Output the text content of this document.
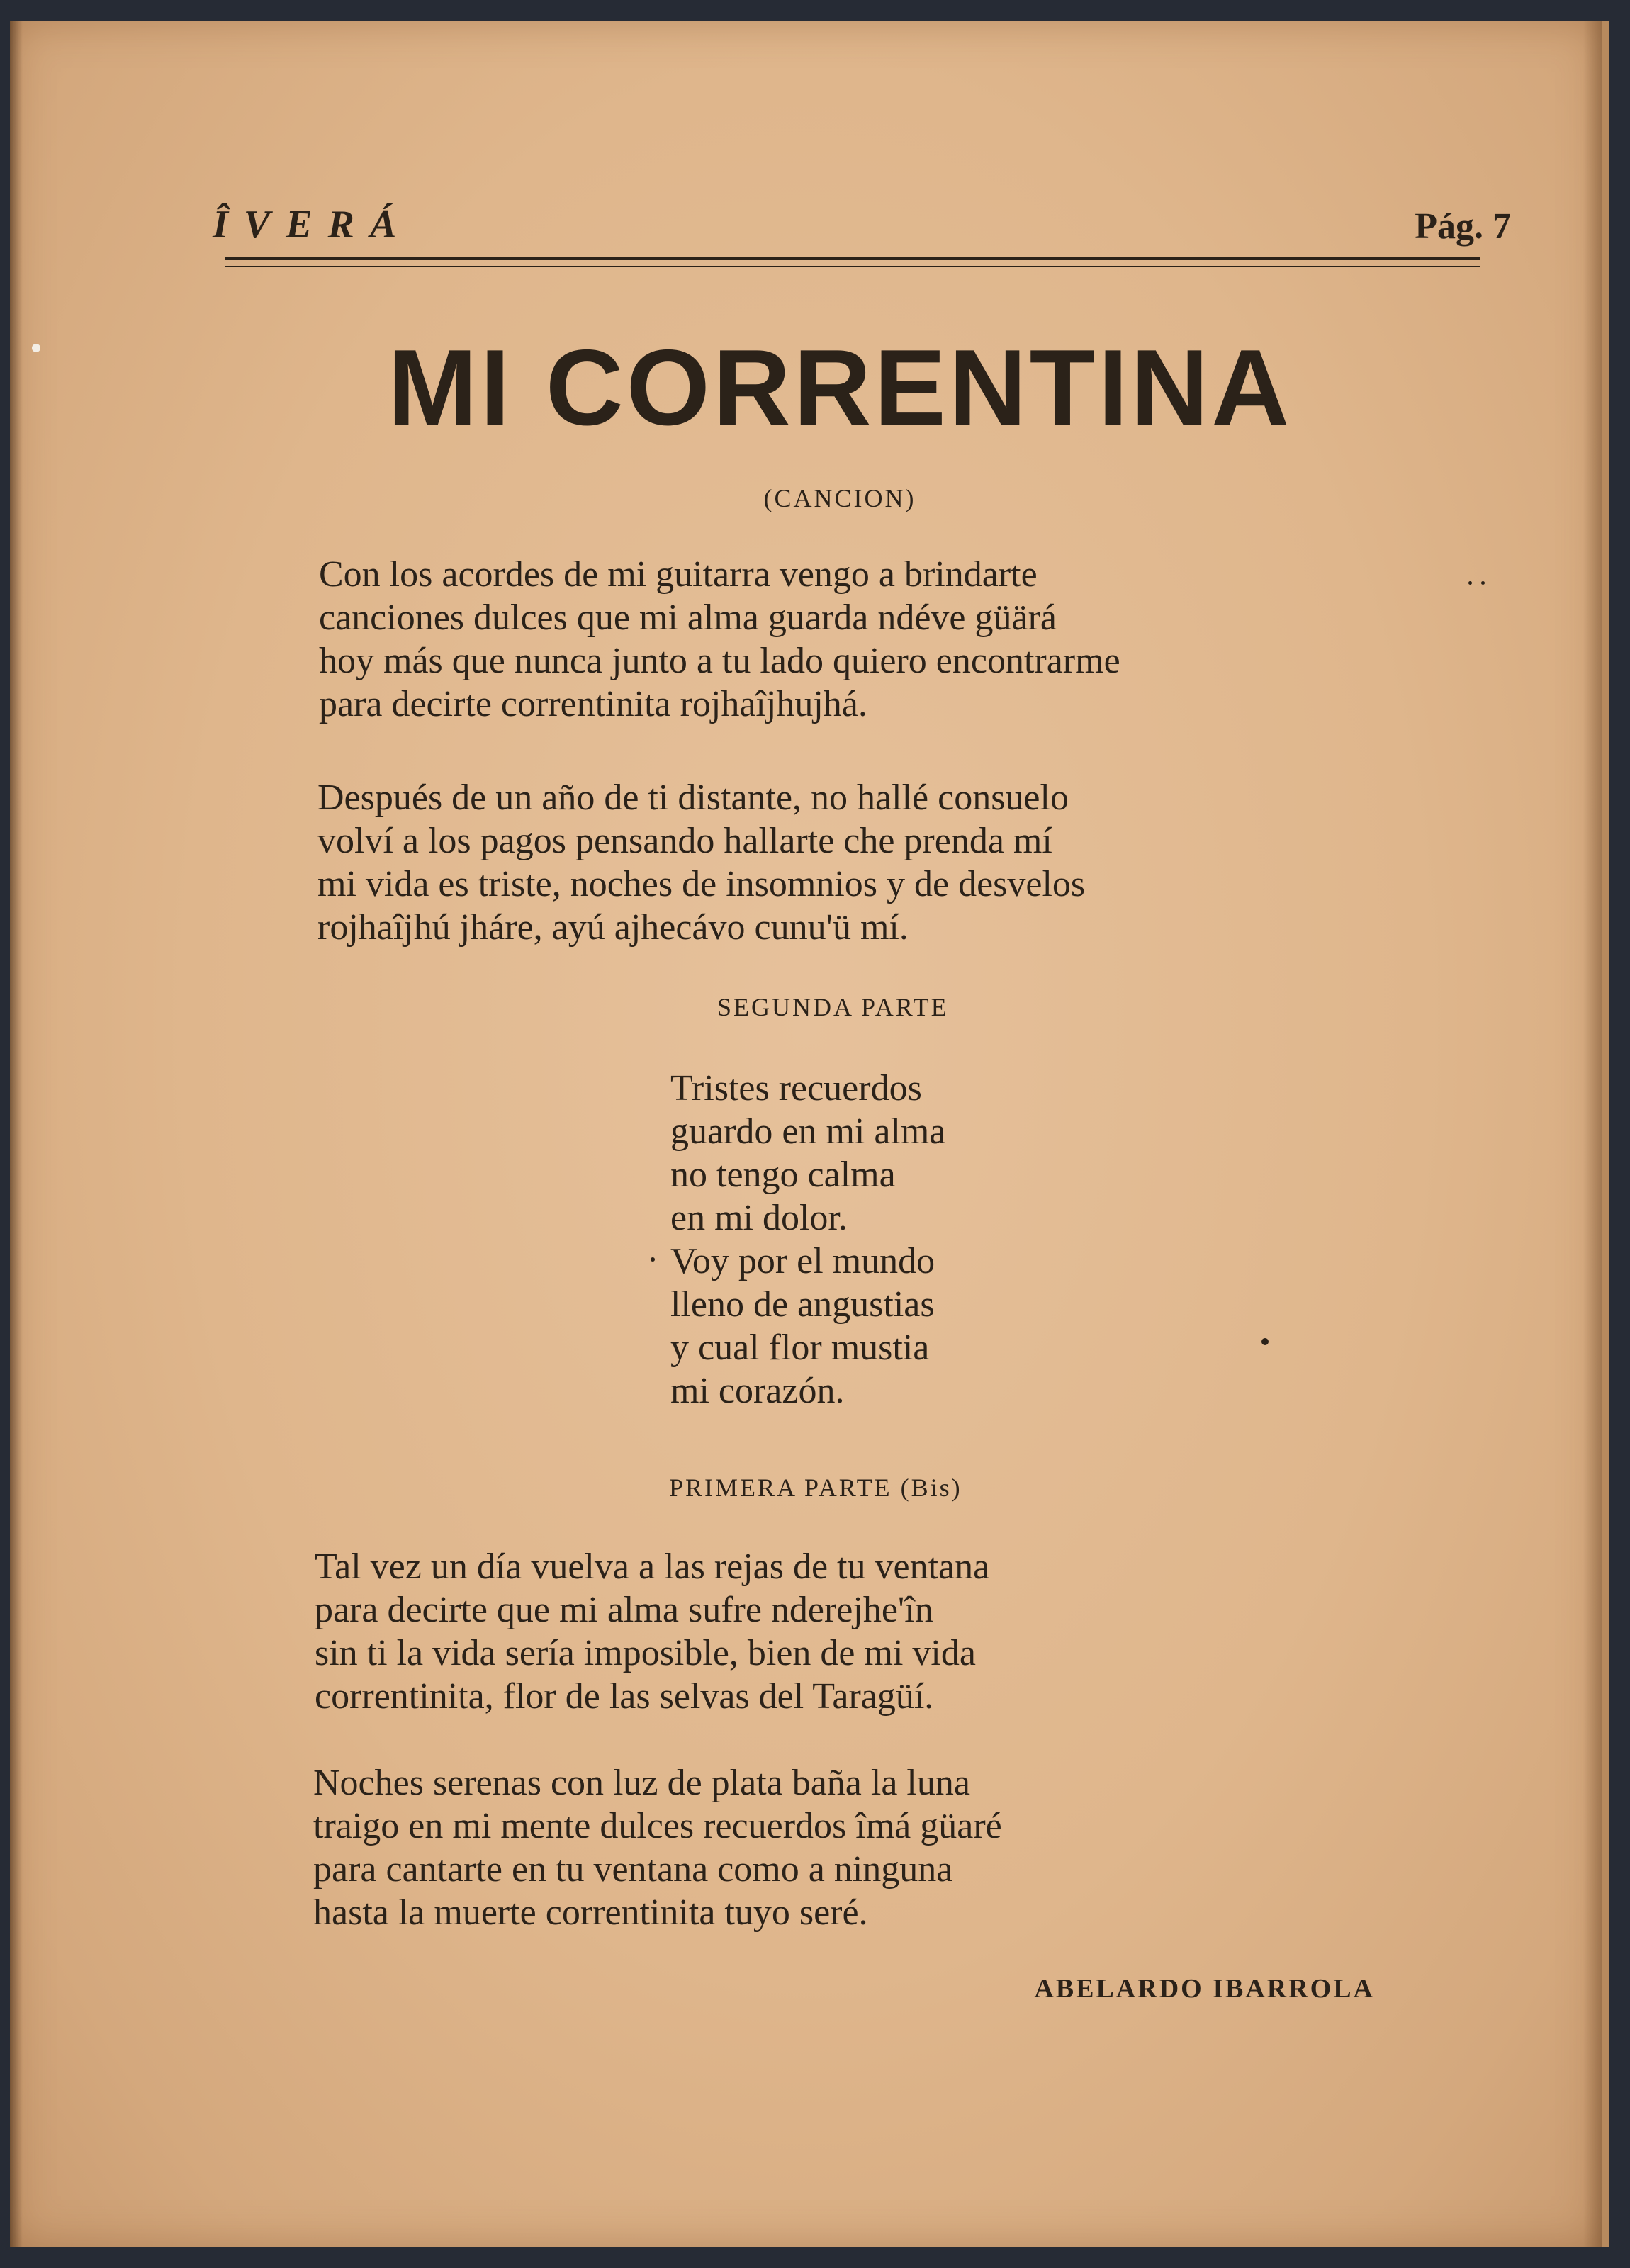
ÎVERÁ	Pág. 7
MI CORRENTINA
(CANCION)
Con los acordes de mi guitarra vengo a brindarte
canciones dulces que mi alma guarda ndéve güärá
hoy más que nunca junto a tu lado quiero encontrarme
para decirte correntinita rojhaîjhujhá.
Después de un año de ti distante, no hallé consuelo
volví a los pagos pensando hallarte che prenda mí
mi vida es triste, noches de insomnios y de desvelos
rojhaîjhú jháre, ayú ajhecávo cunu'ü mí.
SEGUNDA PARTE
Tristes recuerdos
guardo en mi alma
no tengo calma
en mi dolor.
Voy por el mundo
lleno de angustias
y cual flor mustia
mi corazón.
PRIMERA PARTE (Bis)
Tal vez un día vuelva a las rejas de tu ventana
para decirte que mi alma sufre nderejhe'în
sin ti la vida sería imposible, bien de mi vida
correntinita, flor de las selvas del Taragüí.
Noches serenas con luz de plata baña la luna
traigo en mi mente dulces recuerdos îmá güaré
para cantarte en tu ventana como a ninguna
hasta la muerte correntinita tuyo seré.
ABELARDO IBARROLA
